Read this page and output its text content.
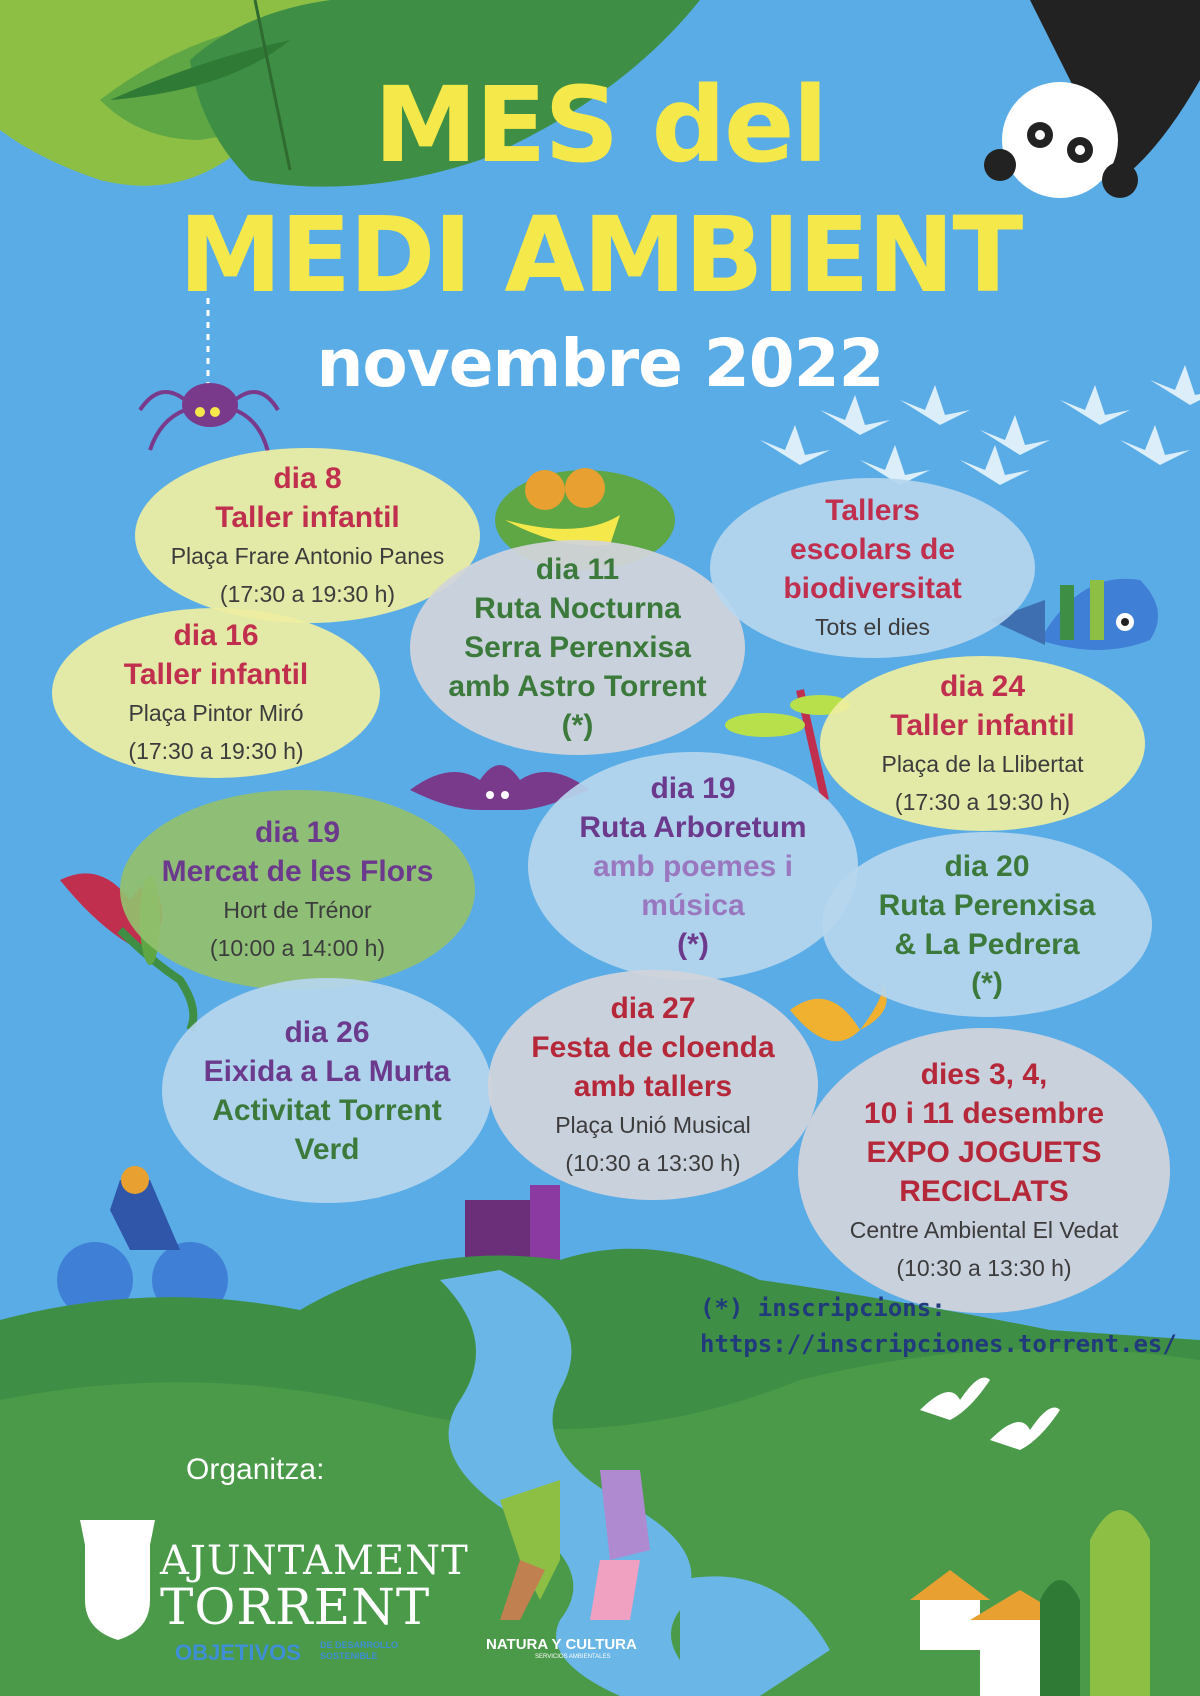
MES del
MEDI AMBIENT
novembre 2022
dia 8
Taller infantil
Plaça Frare Antonio Panes
(17:30 a 19:30 h)
dia 16
Taller infantil
Plaça Pintor Miró
(17:30 a 19:30 h)
dia 11
Ruta Nocturna
Serra Perenxisa
amb Astro Torrent
(*)
Tallers
escolars de
biodiversitat
Tots el dies
dia 24
Taller infantil
Plaça de la Llibertat
(17:30 a 19:30 h)
dia 19
Mercat de les Flors
Hort de Trénor
(10:00 a 14:00 h)
dia 19
Ruta Arboretum
amb poemes i
música
(*)
dia 20
Ruta Perenxisa
& La Pedrera
(*)
dia 26
Eixida a La Murta
Activitat Torrent
Verd
dia 27
Festa de cloenda
amb tallers
Plaça Unió Musical
(10:30 a 13:30 h)
dies 3, 4,
10 i 11 desembre
EXPO JOGUETS
RECICLATS
Centre Ambiental El Vedat
(10:30 a 13:30 h)
(*) inscripcions:
https://inscripciones.torrent.es/
Organitza:
AJUNTAMENT
TORRENT
OBJETIVOS DE DESARROLLO
SOSTENIBLE
NATURA Y CULTURA
SERVICIOS AMBIENTALES
